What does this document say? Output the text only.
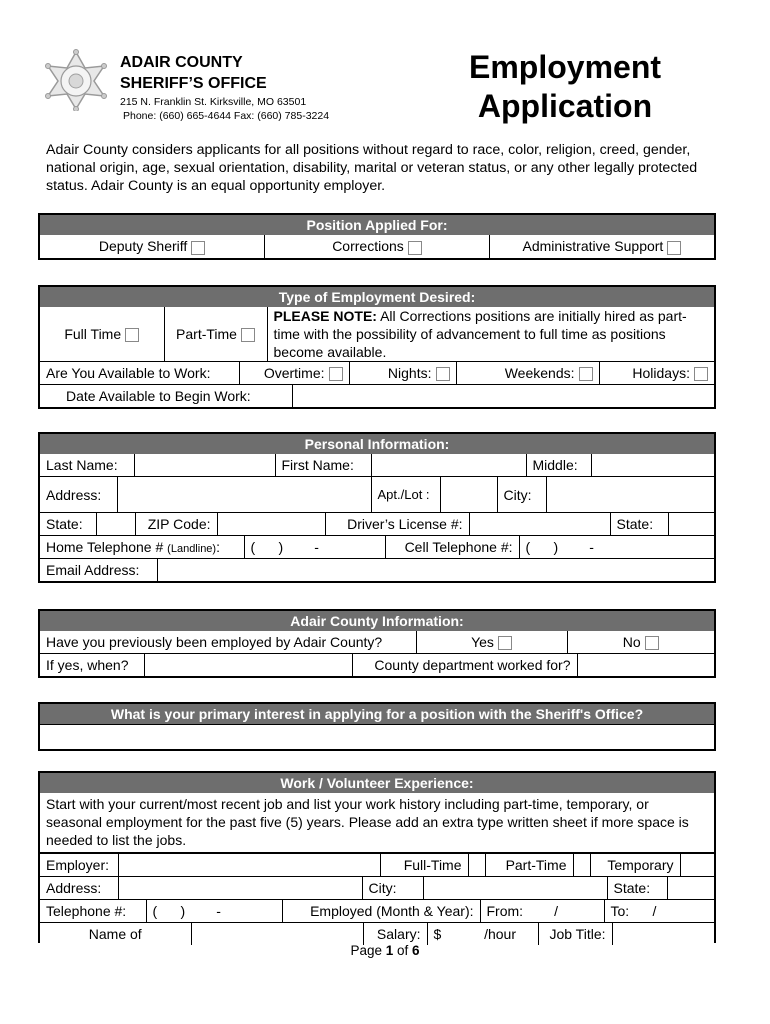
ADAIR COUNTY
SHERIFF’S OFFICE
215 N. Franklin St. Kirksville, MO 63501
Phone: (660) 665-4644 Fax: (660) 785-3224
Employment
Application
Adair County considers applicants for all positions without regard to race, color, religion, creed, gender, national origin, age, sexual orientation, disability, marital or veteran status, or any other legally protected status. Adair County is an equal opportunity employer.
Position Applied For:
Deputy Sheriff	Corrections	Administrative Support
Type of Employment Desired:
Full Time	Part-Time	PLEASE NOTE: All Corrections positions are initially hired as part-time with the possibility of advancement to full time as positions become available.
Are You Available to Work:	Overtime:	Nights:	Weekends:	Holidays:
Date Available to Begin Work:	
Personal Information:
Last Name:		First Name:		Middle:	
Address:		Apt./Lot :		City:	
State:		ZIP Code:		Driver’s License #:		State:	
Home Telephone # (Landline):	(      )        -	Cell Telephone #:	(      )        -
Email Address:	
Adair County Information:
Have you previously been employed by Adair County?	Yes	No
If yes, when?		County department worked for?	
What is your primary interest in applying for a position with the Sheriff's Office?
Work / Volunteer Experience:
Start with your current/most recent job and list your work history including part-time, temporary, or seasonal employment for the past five (5) years. Please add an extra type written sheet if more space is needed to list the jobs.
Employer:		Full-Time		Part-Time		Temporary	
Address:		City:		State:	
Telephone #:	(      )        -	Employed (Month & Year):	From:        /	To:      /
Name of		Salary:	$           /hour	Job Title:	
Page 1 of 6
